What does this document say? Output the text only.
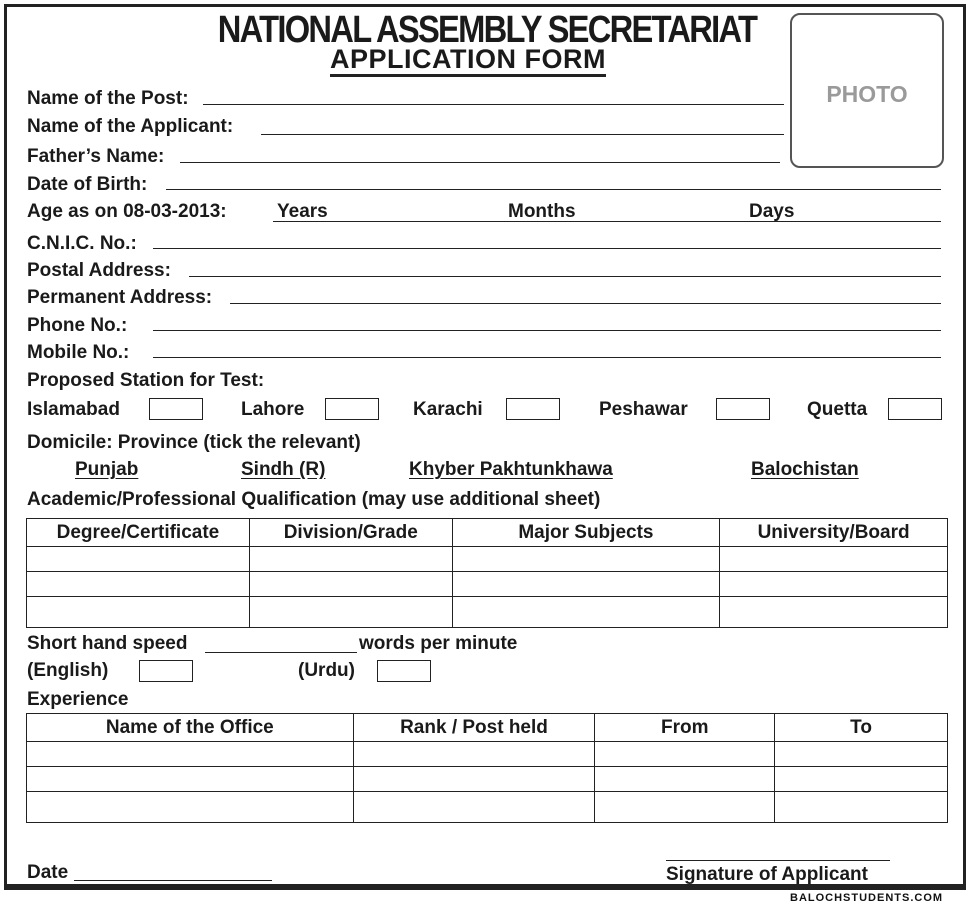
NATIONAL ASSEMBLY SECRETARIAT
APPLICATION FORM
PHOTO
Name of the Post:
Name of the Applicant:
Father’s Name:
Date of Birth:
Age as on 08-03-2013:	Years	Months	Days
C.N.I.C. No.:
Postal Address:
Permanent Address:
Phone No.:
Mobile No.:
Proposed Station for Test:
Islamabad	Lahore	Karachi	Peshawar	Quetta
Domicile: Province (tick the relevant)
Punjab	Sindh (R)	Khyber Pakhtunkhawa	Balochistan
Academic/Professional Qualification (may use additional sheet)
Degree/Certificate	Division/Grade	Major Subjects	University/Board

Short hand speed	words per minute
(English)	(Urdu)
Experience
Name of the Office	Rank / Post held	From	To

Date	Signature of Applicant
BALOCHSTUDENTS.COM
